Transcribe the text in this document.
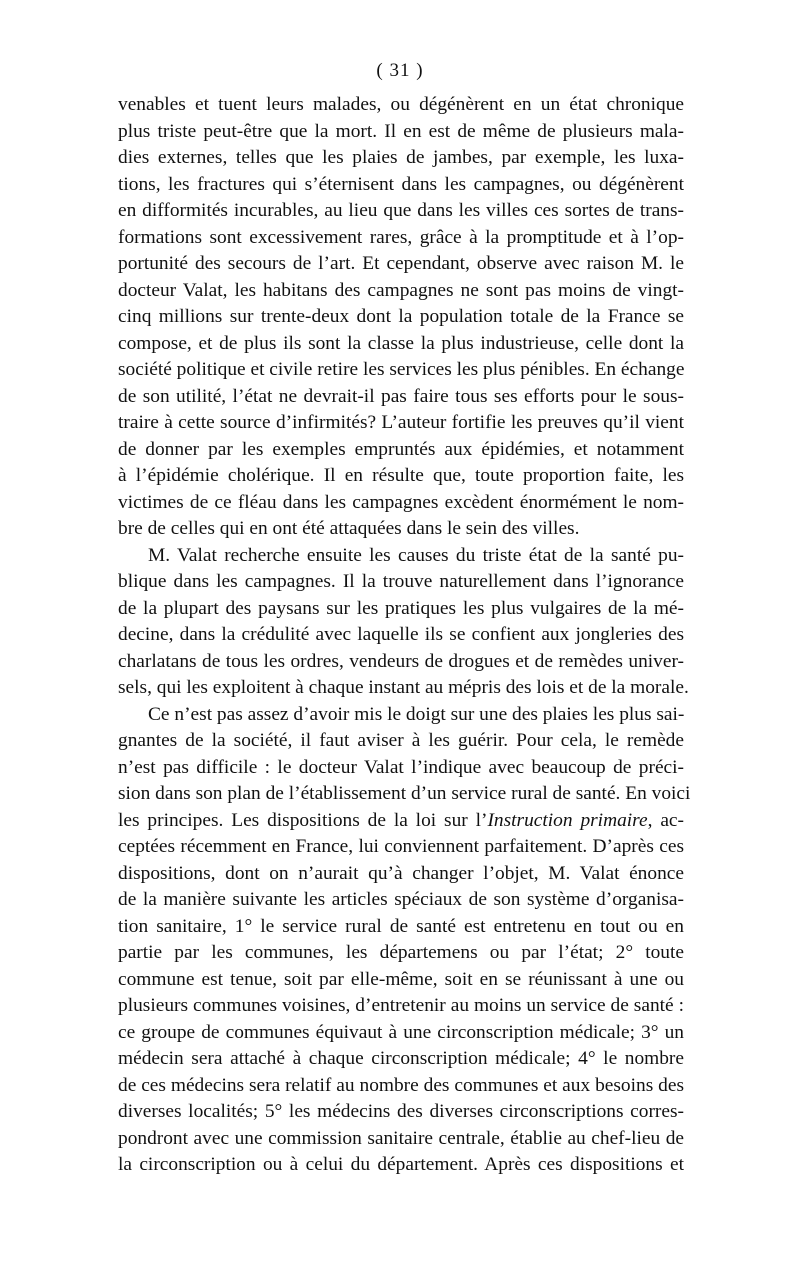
( 31 )
venables et tuent leurs malades, ou dégénèrent en un état chronique
plus triste peut-être que la mort. Il en est de même de plusieurs mala-
dies externes, telles que les plaies de jambes, par exemple, les luxa-
tions, les fractures qui s’éternisent dans les campagnes, ou dégénèrent
en difformités incurables, au lieu que dans les villes ces sortes de trans-
formations sont excessivement rares, grâce à la promptitude et à l’op-
portunité des secours de l’art. Et cependant, observe avec raison M. le
docteur Valat, les habitans des campagnes ne sont pas moins de vingt-
cinq millions sur trente-deux dont la population totale de la France se
compose, et de plus ils sont la classe la plus industrieuse, celle dont la
société politique et civile retire les services les plus pénibles. En échange
de son utilité, l’état ne devrait-il pas faire tous ses efforts pour le sous-
traire à cette source d’infirmités? L’auteur fortifie les preuves qu’il vient
de donner par les exemples empruntés aux épidémies, et notamment
à l’épidémie cholérique. Il en résulte que, toute proportion faite, les
victimes de ce fléau dans les campagnes excèdent énormément le nom-
bre de celles qui en ont été attaquées dans le sein des villes.
M. Valat recherche ensuite les causes du triste état de la santé pu-
blique dans les campagnes. Il la trouve naturellement dans l’ignorance
de la plupart des paysans sur les pratiques les plus vulgaires de la mé-
decine, dans la crédulité avec laquelle ils se confient aux jongleries des
charlatans de tous les ordres, vendeurs de drogues et de remèdes univer-
sels, qui les exploitent à chaque instant au mépris des lois et de la morale.
Ce n’est pas assez d’avoir mis le doigt sur une des plaies les plus sai-
gnantes de la société, il faut aviser à les guérir. Pour cela, le remède
n’est pas difficile : le docteur Valat l’indique avec beaucoup de préci-
sion dans son plan de l’établissement d’un service rural de santé. En voici
les principes. Les dispositions de la loi sur l’Instruction primaire, ac-
ceptées récemment en France, lui conviennent parfaitement. D’après ces
dispositions, dont on n’aurait qu’à changer l’objet, M. Valat énonce
de la manière suivante les articles spéciaux de son système d’organisa-
tion sanitaire, 1° le service rural de santé est entretenu en tout ou en
partie par les communes, les départemens ou par l’état; 2° toute
commune est tenue, soit par elle-même, soit en se réunissant à une ou
plusieurs communes voisines, d’entretenir au moins un service de santé :
ce groupe de communes équivaut à une circonscription médicale; 3° un
médecin sera attaché à chaque circonscription médicale; 4° le nombre
de ces médecins sera relatif au nombre des communes et aux besoins des
diverses localités; 5° les médecins des diverses circonscriptions corres-
pondront avec une commission sanitaire centrale, établie au chef-lieu de
la circonscription ou à celui du département. Après ces dispositions et
